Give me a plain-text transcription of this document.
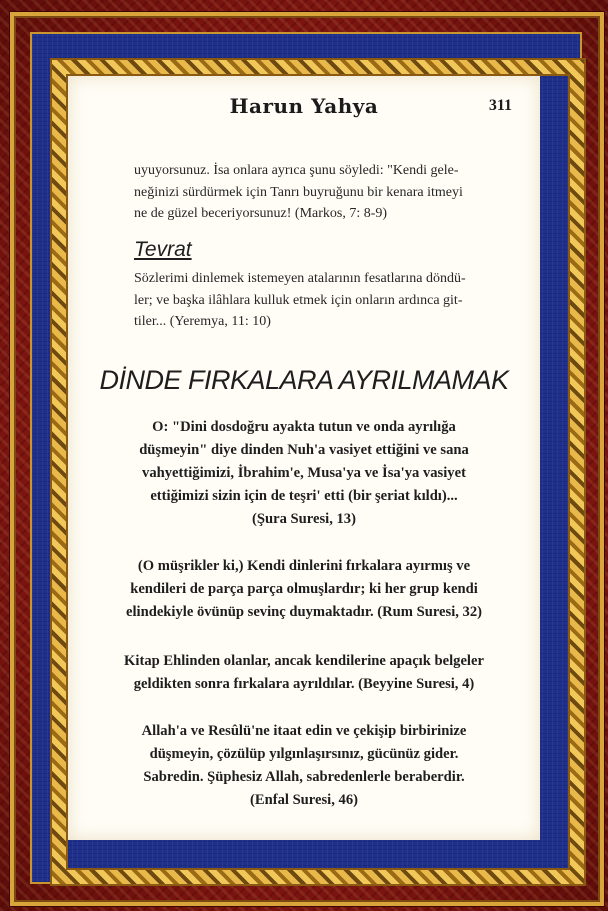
Harun Yahya	311
uyuyorsunuz. İsa onlara ayrıca şunu söyledi: "Kendi gele-
neğinizi sürdürmek için Tanrı buyruğunu bir kenara itmeyi
ne de güzel beceriyorsunuz! (Markos, 7: 8-9)
Tevrat
Sözlerimi dinlemek istemeyen atalarının fesatlarına döndü-
ler; ve başka ilâhlara kulluk etmek için onların ardınca git-
tiler... (Yeremya, 11: 10)
DİNDE FIRKALARA AYRILMAMAK
O: "Dini dosdoğru ayakta tutun ve onda ayrılığa
düşmeyin" diye dinden Nuh'a vasiyet ettiğini ve sana
vahyettiğimizi, İbrahim'e, Musa'ya ve İsa'ya vasiyet
ettiğimizi sizin için de teşri' etti (bir şeriat kıldı)...
(Şura Suresi, 13)
(O müşrikler ki,) Kendi dinlerini fırkalara ayırmış ve
kendileri de parça parça olmuşlardır; ki her grup kendi
elindekiyle övünüp sevinç duymaktadır. (Rum Suresi, 32)
Kitap Ehlinden olanlar, ancak kendilerine apaçık belgeler
geldikten sonra fırkalara ayrıldılar. (Beyyine Suresi, 4)
Allah'a ve Resûlü'ne itaat edin ve çekişip birbirinize
düşmeyin, çözülüp yılgınlaşırsınız, gücünüz gider.
Sabredin. Şüphesiz Allah, sabredenlerle beraberdir.
(Enfal Suresi, 46)
